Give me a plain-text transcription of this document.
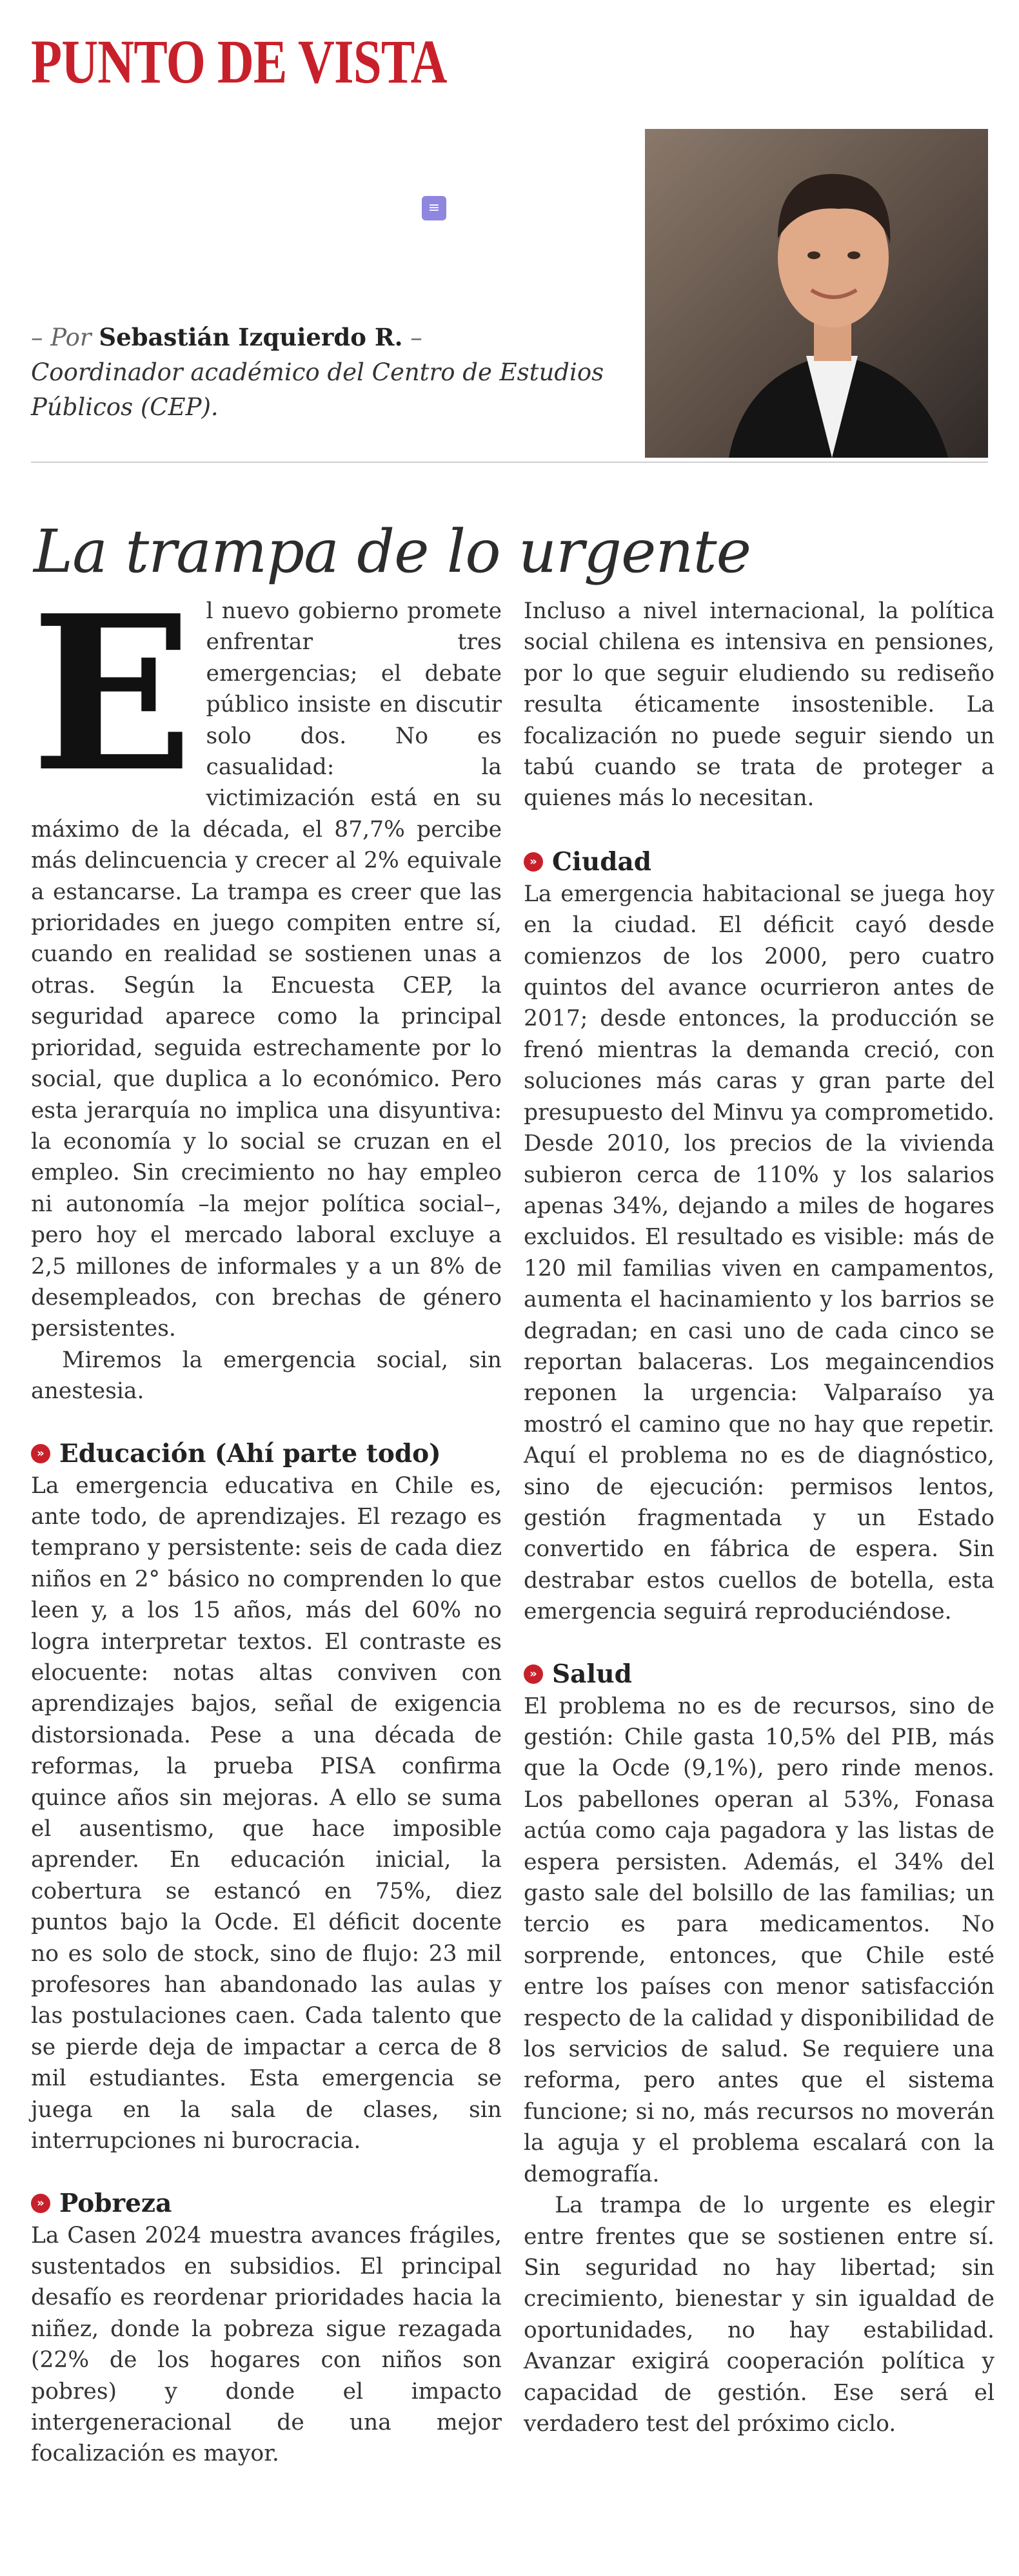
PUNTO DE VISTA
≡
– Por Sebastián Izquierdo R. –
Coordinador académico del Centro de Estudios Públicos (CEP).
La trampa de lo urgente

El nuevo gobierno promete enfrentar tres emergencias; el debate público insiste en discutir solo dos. No es casualidad: la victimización está en su máximo de la década, el 87,7% percibe más delincuencia y crecer al 2% equivale a estancarse. La trampa es creer que las prioridades en juego compiten entre sí, cuando en realidad se sostienen unas a otras. Según la Encuesta CEP, la seguridad aparece como la principal prioridad, seguida estrechamente por lo social, que duplica a lo económico. Pero esta jerarquía no implica una disyuntiva: la economía y lo social se cruzan en el empleo. Sin crecimiento no hay empleo ni autonomía –la mejor política social–, pero hoy el mercado laboral excluye a 2,5 millones de informales y a un 8% de desempleados, con brechas de género persistentes.

Miremos la emergencia social, sin anestesia.

» Educación (Ahí parte todo)

La emergencia educativa en Chile es, ante todo, de aprendizajes. El rezago es temprano y persistente: seis de cada diez niños en 2° básico no comprenden lo que leen y, a los 15 años, más del 60% no logra interpretar textos. El contraste es elocuente: notas altas conviven con aprendizajes bajos, señal de exigencia distorsionada. Pese a una década de reformas, la prueba PISA confirma quince años sin mejoras. A ello se suma el ausentismo, que hace imposible aprender. En educación inicial, la cobertura se estancó en 75%, diez puntos bajo la Ocde. El déficit docente no es solo de stock, sino de flujo: 23 mil profesores han abandonado las aulas y las postulaciones caen. Cada talento que se pierde deja de impactar a cerca de 8 mil estudiantes. Esta emergencia se juega en la sala de clases, sin interrupciones ni burocracia.

» Pobreza

La Casen 2024 muestra avances frágiles, sustentados en subsidios. El principal desafío es reordenar prioridades hacia la niñez, donde la pobreza sigue rezagada (22% de los hogares con niños son pobres) y donde el impacto intergeneracional de una mejor focalización es mayor.

Incluso a nivel internacional, la política social chilena es intensiva en pensiones, por lo que seguir eludiendo su rediseño resulta éticamente insostenible. La focalización no puede seguir siendo un tabú cuando se trata de proteger a quienes más lo necesitan.

» Ciudad

La emergencia habitacional se juega hoy en la ciudad. El déficit cayó desde comienzos de los 2000, pero cuatro quintos del avance ocurrieron antes de 2017; desde entonces, la producción se frenó mientras la demanda creció, con soluciones más caras y gran parte del presupuesto del Minvu ya comprometido. Desde 2010, los precios de la vivienda subieron cerca de 110% y los salarios apenas 34%, dejando a miles de hogares excluidos. El resultado es visible: más de 120 mil familias viven en campamentos, aumenta el hacinamiento y los barrios se degradan; en casi uno de cada cinco se reportan balaceras. Los megaincendios reponen la urgencia: Valparaíso ya mostró el camino que no hay que repetir. Aquí el problema no es de diagnóstico, sino de ejecución: permisos lentos, gestión fragmentada y un Estado convertido en fábrica de espera. Sin destrabar estos cuellos de botella, esta emergencia seguirá reproduciéndose.

» Salud

El problema no es de recursos, sino de gestión: Chile gasta 10,5% del PIB, más que la Ocde (9,1%), pero rinde menos. Los pabellones operan al 53%, Fonasa actúa como caja pagadora y las listas de espera persisten. Además, el 34% del gasto sale del bolsillo de las familias; un tercio es para medicamentos. No sorprende, entonces, que Chile esté entre los países con menor satisfacción respecto de la calidad y disponibilidad de los servicios de salud. Se requiere una reforma, pero antes que el sistema funcione; si no, más recursos no moverán la aguja y el problema escalará con la demografía.

La trampa de lo urgente es elegir entre frentes que se sostienen entre sí. Sin seguridad no hay libertad; sin crecimiento, bienestar y sin igualdad de oportunidades, no hay estabilidad. Avanzar exigirá cooperación política y capacidad de gestión. Ese será el verdadero test del próximo ciclo.
